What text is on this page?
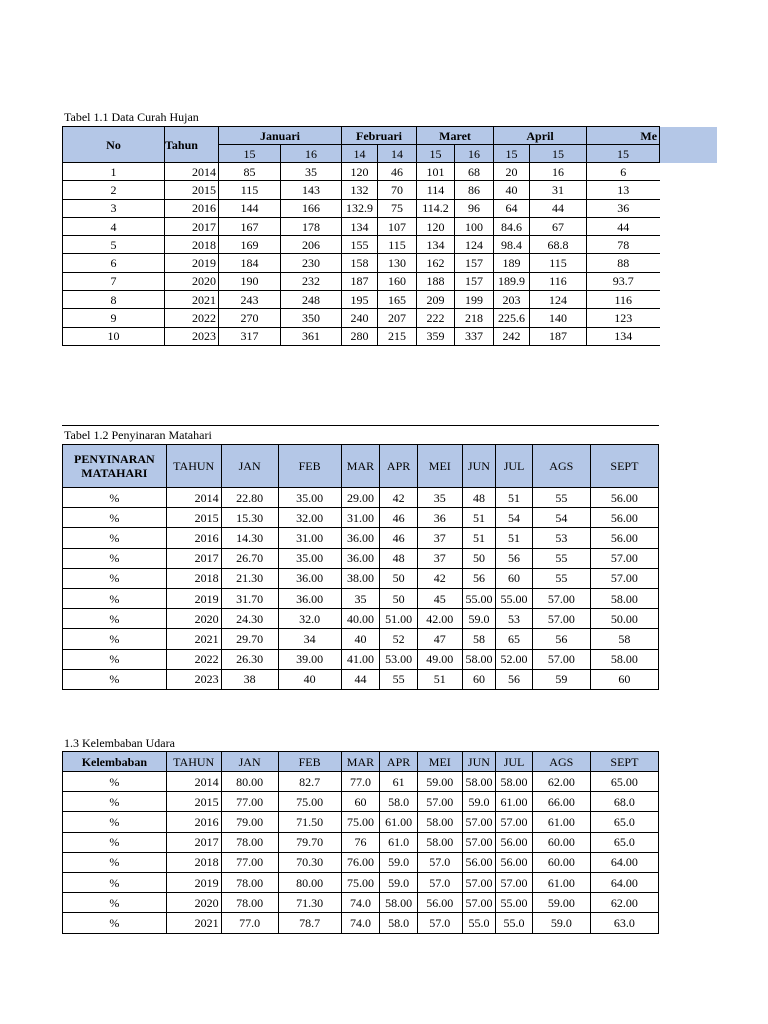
Tabel 1.1 Data Curah Hujan
No	Tahun	Januari		Februari		Maret		April		Me
		15	16	14	14	15	16	15	15	15
1	2014	85	35	120	46	101	68	20	16	6
2	2015	115	143	132	70	114	86	40	31	13
3	2016	144	166	132.9	75	114.2	96	64	44	36
4	2017	167	178	134	107	120	100	84.6	67	44
5	2018	169	206	155	115	134	124	98.4	68.8	78
6	2019	184	230	158	130	162	157	189	115	88
7	2020	190	232	187	160	188	157	189.9	116	93.7
8	2021	243	248	195	165	209	199	203	124	116
9	2022	270	350	240	207	222	218	225.6	140	123
10	2023	317	361	280	215	359	337	242	187	134
Tabel 1.2 Penyinaran Matahari
PENYINARAN MATAHARI	TAHUN	JAN	FEB	MAR	APR	MEI	JUN	JUL	AGS	SEPT
%	2014	22.80	35.00	29.00	42	35	48	51	55	56.00
%	2015	15.30	32.00	31.00	46	36	51	54	54	56.00
%	2016	14.30	31.00	36.00	46	37	51	51	53	56.00
%	2017	26.70	35.00	36.00	48	37	50	56	55	57.00
%	2018	21.30	36.00	38.00	50	42	56	60	55	57.00
%	2019	31.70	36.00	35	50	45	55.00	55.00	57.00	58.00
%	2020	24.30	32.0	40.00	51.00	42.00	59.0	53	57.00	50.00
%	2021	29.70	34	40	52	47	58	65	56	58
%	2022	26.30	39.00	41.00	53.00	49.00	58.00	52.00	57.00	58.00
%	2023	38	40	44	55	51	60	56	59	60
1.3 Kelembaban Udara
Kelembaban	TAHUN	JAN	FEB	MAR	APR	MEI	JUN	JUL	AGS	SEPT
%	2014	80.00	82.7	77.0	61	59.00	58.00	58.00	62.00	65.00
%	2015	77.00	75.00	60	58.0	57.00	59.0	61.00	66.00	68.0
%	2016	79.00	71.50	75.00	61.00	58.00	57.00	57.00	61.00	65.0
%	2017	78.00	79.70	76	61.0	58.00	57.00	56.00	60.00	65.0
%	2018	77.00	70.30	76.00	59.0	57.0	56.00	56.00	60.00	64.00
%	2019	78.00	80.00	75.00	59.0	57.0	57.00	57.00	61.00	64.00
%	2020	78.00	71.30	74.0	58.00	56.00	57.00	55.00	59.00	62.00
%	2021	77.0	78.7	74.0	58.0	57.0	55.0	55.0	59.0	63.0
